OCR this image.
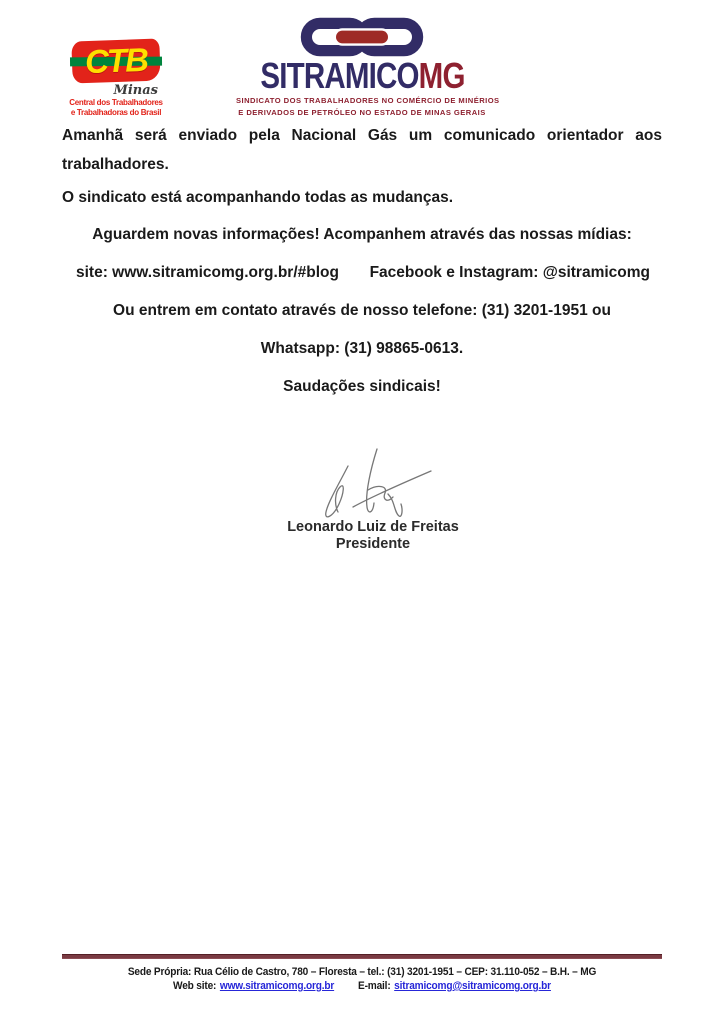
CTB
Minas
Central dos Trabalhadores
e Trabalhadoras do Brasil
SITRAMICOMG
SINDICATO DOS TRABALHADORES NO COMÉRCIO DE MINÉRIOS
E DERIVADOS DE PETRÓLEO NO ESTADO DE MINAS GERAIS

Amanhã será enviado pela Nacional Gás um comunicado orientador aos trabalhadores.

O sindicato está acompanhando todas as mudanças.

Aguardem novas informações! Acompanhem através das nossas mídias:

site: www.sitramicomg.org.br/#blog Facebook e Instagram: @sitramicomg

Ou entrem em contato através de nosso telefone: (31) 3201-1951 ou

Whatsapp: (31) 98865-0613.

Saudações sindicais!

Leonardo Luiz de Freitas
Presidente
Sede Própria: Rua Célio de Castro, 780 – Floresta – tel.: (31) 3201-1951 – CEP: 31.110-052 – B.H. – MG
Web site: www.sitramicomg.org.br E-mail: sitramicomg@sitramicomg.org.br
